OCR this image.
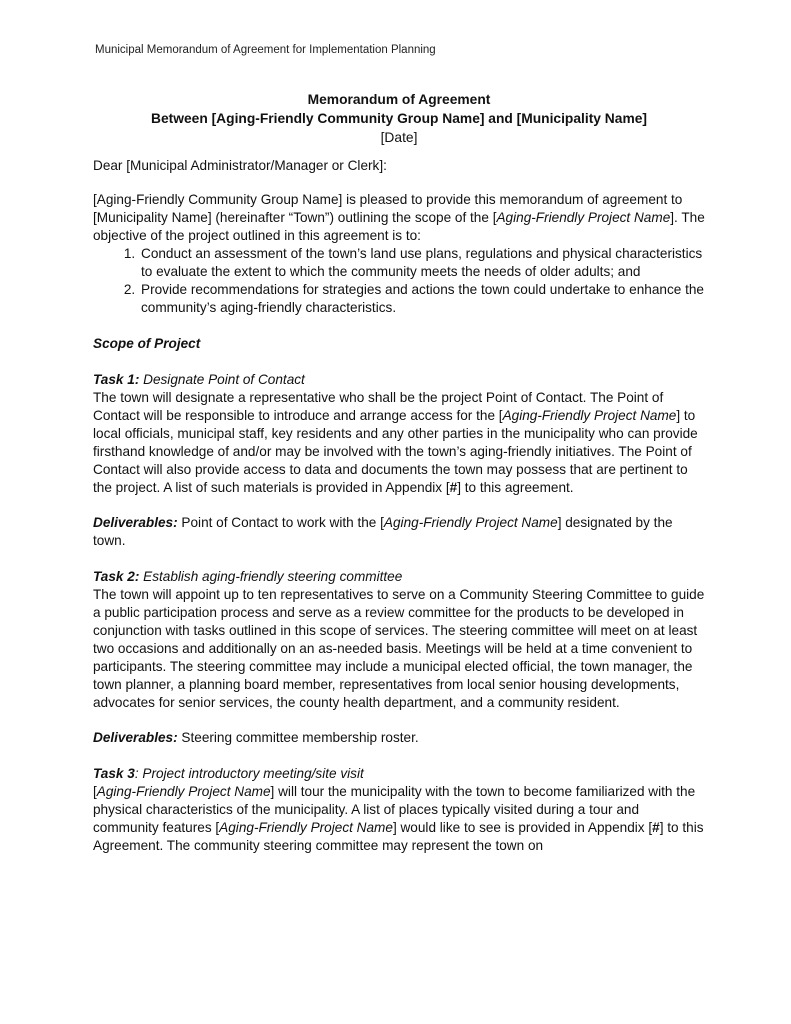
Municipal Memorandum of Agreement for Implementation Planning
Memorandum of Agreement
Between [Aging-Friendly Community Group Name] and [Municipality Name]
[Date]

Dear [Municipal Administrator/Manager or Clerk]:

[Aging-Friendly Community Group Name] is pleased to provide this memorandum of agreement to [Municipality Name] (hereinafter “Town”) outlining the scope of the [Aging-Friendly Project Name]. The objective of the project outlined in this agreement is to:

1. Conduct an assessment of the town’s land use plans, regulations and physical characteristics to evaluate the extent to which the community meets the needs of older adults; and
2. Provide recommendations for strategies and actions the town could undertake to enhance the community’s aging-friendly characteristics.
Scope of Project
Task 1: Designate Point of Contact

The town will designate a representative who shall be the project Point of Contact. The Point of Contact will be responsible to introduce and arrange access for the [Aging-Friendly Project Name] to local officials, municipal staff, key residents and any other parties in the municipality who can provide firsthand knowledge of and/or may be involved with the town’s aging-friendly initiatives. The Point of Contact will also provide access to data and documents the town may possess that are pertinent to the project. A list of such materials is provided in Appendix [#] to this agreement.

Deliverables: Point of Contact to work with the [Aging-Friendly Project Name] designated by the town.

Task 2: Establish aging-friendly steering committee

The town will appoint up to ten representatives to serve on a Community Steering Committee to guide a public participation process and serve as a review committee for the products to be developed in conjunction with tasks outlined in this scope of services. The steering committee will meet on at least two occasions and additionally on an as-needed basis. Meetings will be held at a time convenient to participants. The steering committee may include a municipal elected official, the town manager, the town planner, a planning board member, representatives from local senior housing developments, advocates for senior services, the county health department, and a community resident.

Deliverables: Steering committee membership roster.

Task 3: Project introductory meeting/site visit

[Aging-Friendly Project Name] will tour the municipality with the town to become familiarized with the physical characteristics of the municipality. A list of places typically visited during a tour and community features [Aging-Friendly Project Name] would like to see is provided in Appendix [#] to this Agreement. The community steering committee may represent the town on
